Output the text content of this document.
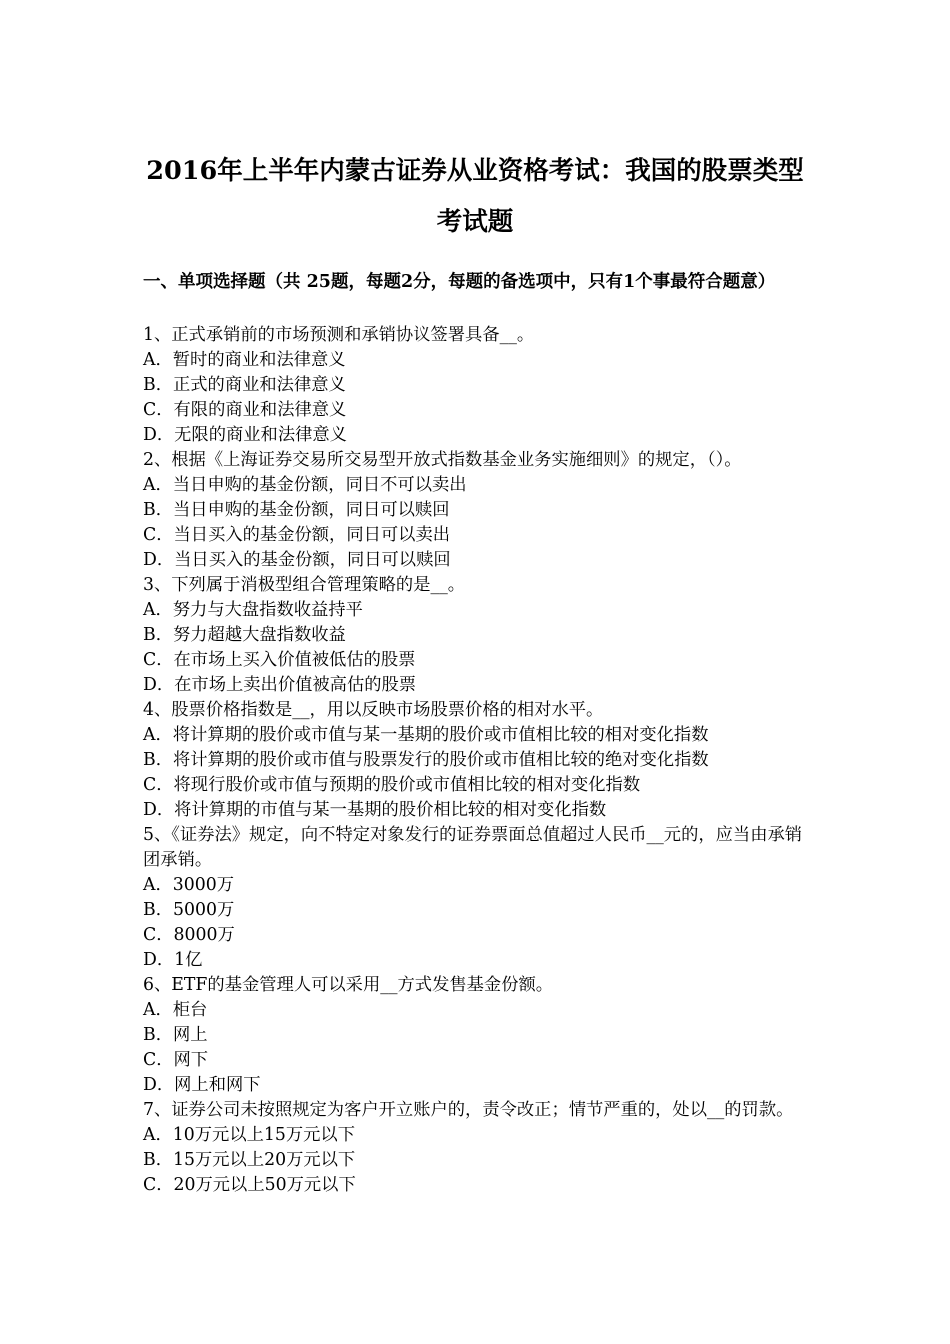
2016年上半年内蒙古证券从业资格考试：我国的股票类型
考试题
一、单项选择题（共 25题，每题2分，每题的备选项中，只有1个事最符合题意）
1、正式承销前的市场预测和承销协议签署具备__。
A．暂时的商业和法律意义
B．正式的商业和法律意义
C．有限的商业和法律意义
D．无限的商业和法律意义
2、根据《上海证券交易所交易型开放式指数基金业务实施细则》的规定，（）。
A．当日申购的基金份额，同日不可以卖出
B．当日申购的基金份额，同日可以赎回
C．当日买入的基金份额，同日可以卖出
D．当日买入的基金份额，同日可以赎回
3、下列属于消极型组合管理策略的是__。
A．努力与大盘指数收益持平
B．努力超越大盘指数收益
C．在市场上买入价值被低估的股票
D．在市场上卖出价值被高估的股票
4、股票价格指数是__，用以反映市场股票价格的相对水平。
A．将计算期的股价或市值与某一基期的股价或市值相比较的相对变化指数
B．将计算期的股价或市值与股票发行的股价或市值相比较的绝对变化指数
C．将现行股价或市值与预期的股价或市值相比较的相对变化指数
D．将计算期的市值与某一基期的股价相比较的相对变化指数
5、《证券法》规定，向不特定对象发行的证券票面总值超过人民币__元的，应当由承销团承销。
A．3000万
B．5000万
C．8000万
D．1亿
6、ETF的基金管理人可以采用__方式发售基金份额。
A．柜台
B．网上
C．网下
D．网上和网下
7、证券公司未按照规定为客户开立账户的，责令改正；情节严重的，处以__的罚款。
A．10万元以上15万元以下
B．15万元以上20万元以下
C．20万元以上50万元以下
